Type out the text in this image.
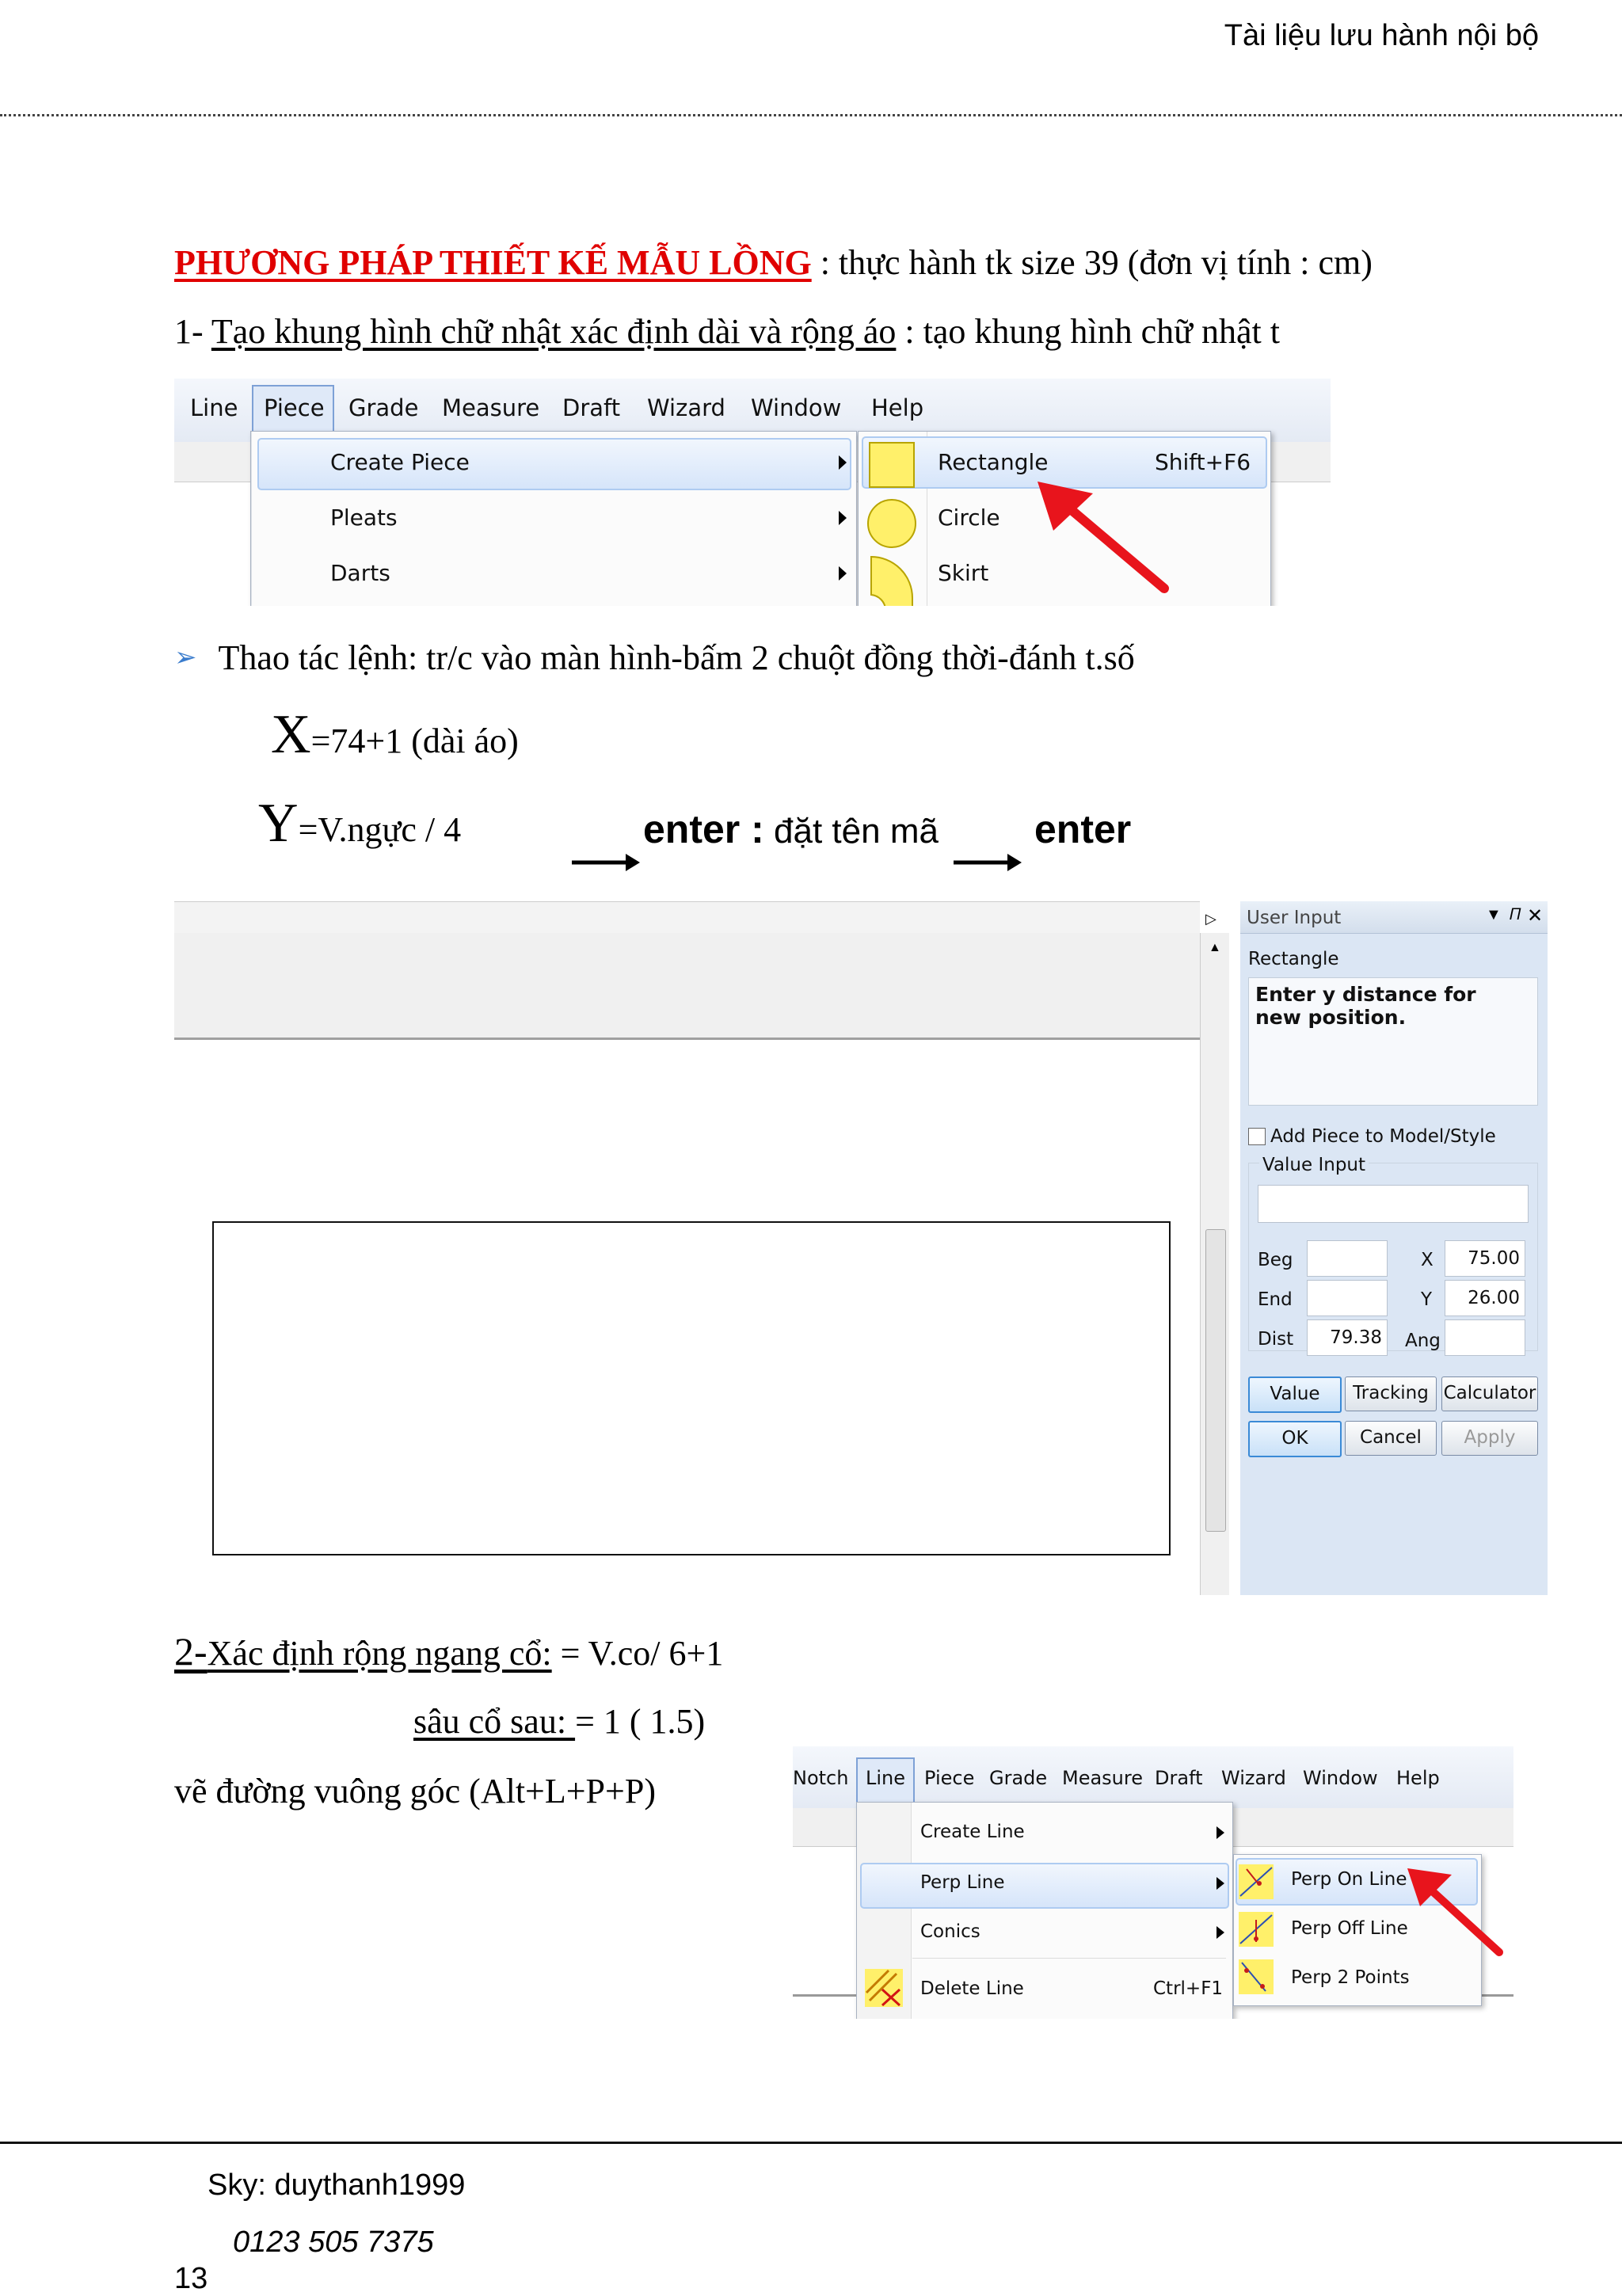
Tài liệu lưu hành nội bộ
PHƯƠNG PHÁP THIẾT KẾ MẪU LỒNG : thực hành tk size 39 (đơn vị tính : cm)
1- Tạo khung hình chữ nhật xác định dài và rộng áo : tạo khung hình chữ nhật t
Line Piece Grade Measure Draft Wizard Window Help
Create Piece
Pleats
Darts
Rectangle	Shift+F6
Circle
Skirt
➢ Thao tác lệnh: tr/c vào màn hình-bấm 2 chuột đồng thời-đánh t.số
X=74+1 (dài áo)
Y=V.ngực / 4	enter : đặt tên mã enter
▷
▲
User Input	▼ 𝛱 ✕
Rectangle
Enter y distance for new position.
Add Piece to Model/Style
Value Input
Beg
End
Dist	79.38
X	75.00
Y	26.00
Ang
Value	Tracking Calculator
OK	Cancel	Apply
2-Xác định rộng ngang cổ: = V.co/ 6+1
sâu cổ sau: = 1 ( 1.5)
vẽ đường vuông góc (Alt+L+P+P)	Notch Line Piece Grade Measure Draft Wizard Window Help
Create Line
Perp Line
Conics
Delete Line	Ctrl+F1
Perp On Line
Perp Off Line
Perp 2 Points
Sky: duythanh1999
0123 505 7375
13
